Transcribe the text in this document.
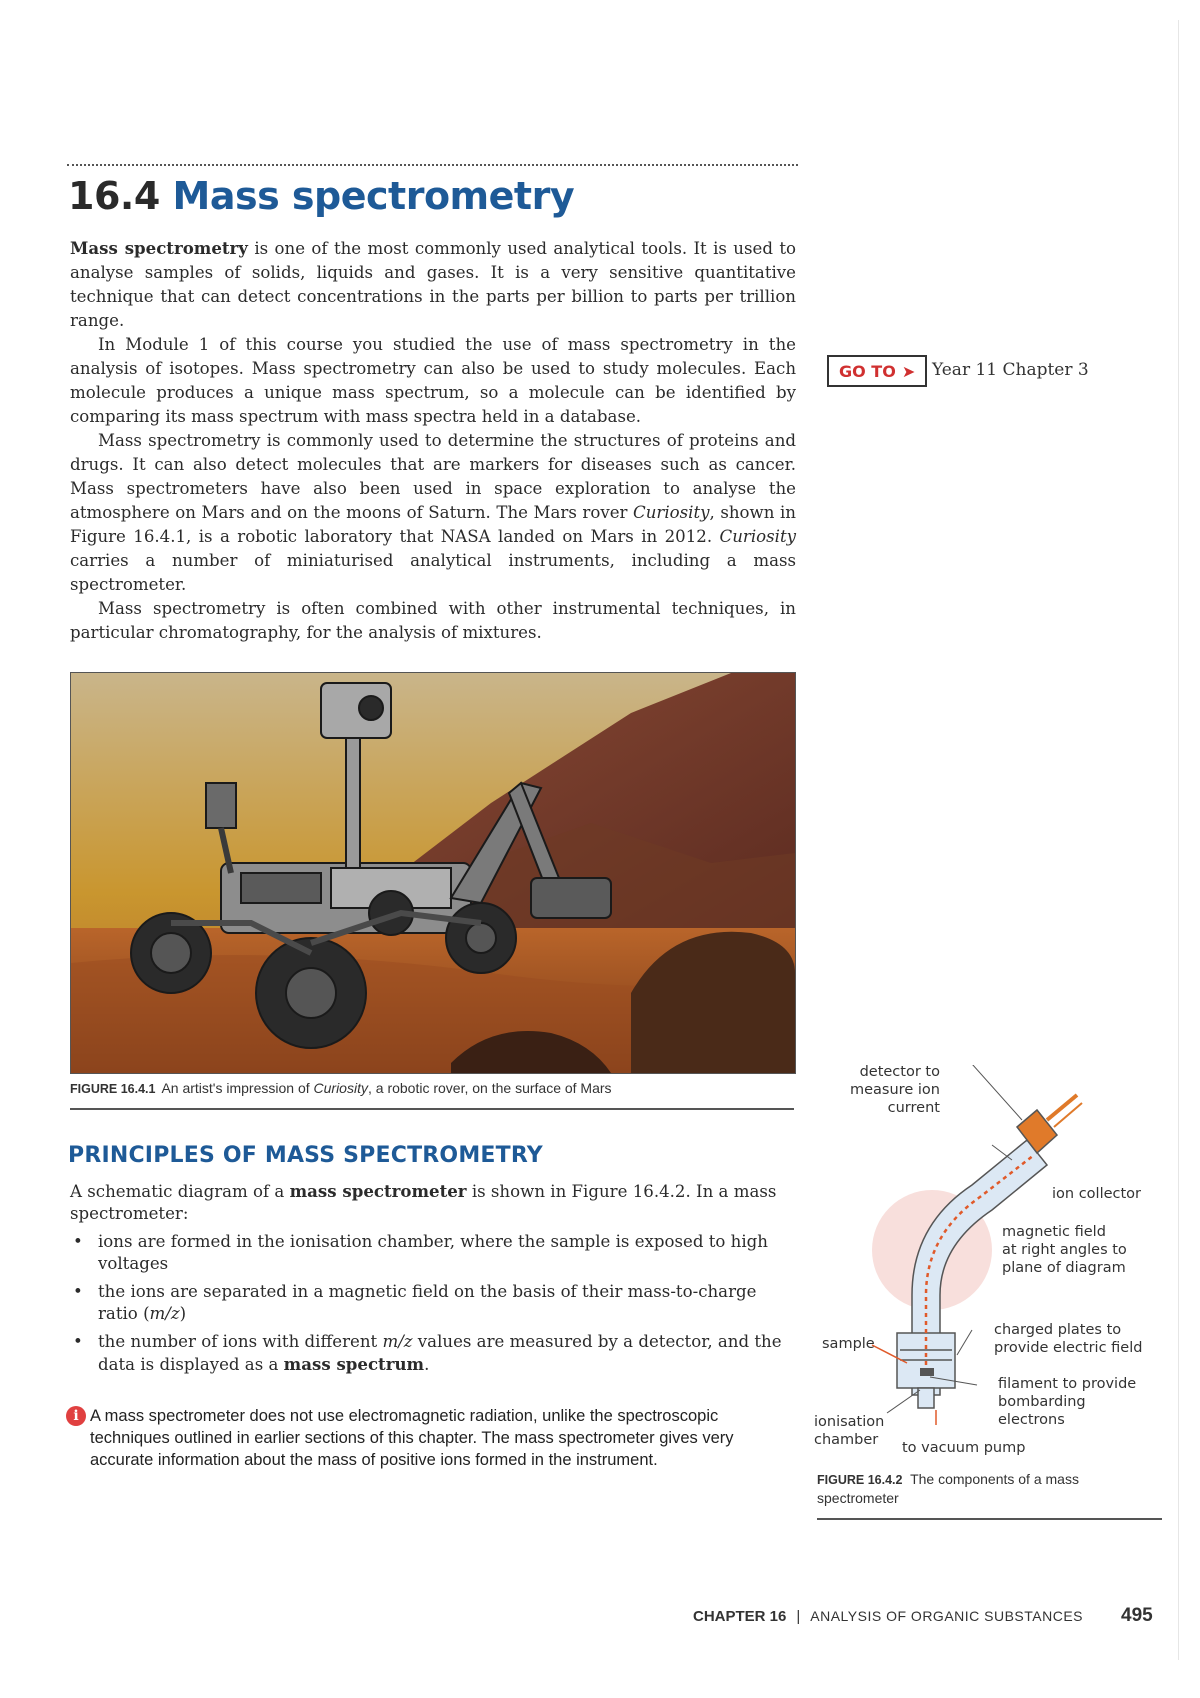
16.4 Mass spectrometry

Mass spectrometry is one of the most commonly used analytical tools. It is used to analyse samples of solids, liquids and gases. It is a very sensitive quantitative technique that can detect concentrations in the parts per billion to parts per trillion range.

In Module 1 of this course you studied the use of mass spectrometry in the analysis of isotopes. Mass spectrometry can also be used to study molecules. Each molecule produces a unique mass spectrum, so a molecule can be identified by comparing its mass spectrum with mass spectra held in a database.

Mass spectrometry is commonly used to determine the structures of proteins and drugs. It can also detect molecules that are markers for diseases such as cancer. Mass spectrometers have also been used in space exploration to analyse the atmosphere on Mars and on the moons of Saturn. The Mars rover Curiosity, shown in Figure 16.4.1, is a robotic laboratory that NASA landed on Mars in 2012. Curiosity carries a number of miniaturised analytical instruments, including a mass spectrometer.

Mass spectrometry is often combined with other instrumental techniques, in particular chromatography, for the analysis of mixtures.

GO TO ➤ Year 11 Chapter 3
FIGURE 16.4.1 An artist's impression of Curiosity, a robotic rover, on the surface of Mars
PRINCIPLES OF MASS SPECTROMETRY

A schematic diagram of a mass spectrometer is shown in Figure 16.4.2. In a mass spectrometer:

• ions are formed in the ionisation chamber, where the sample is exposed to high voltages
• the ions are separated in a magnetic field on the basis of their mass-to-charge ratio (m/z)
• the number of ions with different m/z values are measured by a detector, and the data is displayed as a mass spectrum.
i A mass spectrometer does not use electromagnetic radiation, unlike the spectroscopic techniques outlined in earlier sections of this chapter. The mass spectrometer gives very accurate information about the mass of positive ions formed in the instrument.
detector to
measure ion
current
ion collector
magnetic field
at right angles to
plane of diagram
charged plates to
provide electric field
sample
filament to provide
bombarding
electrons
ionisation
chamber	to vacuum pump
FIGURE 16.4.2 The components of a mass spectrometer
CHAPTER 16 | ANALYSIS OF ORGANIC SUBSTANCES 495
